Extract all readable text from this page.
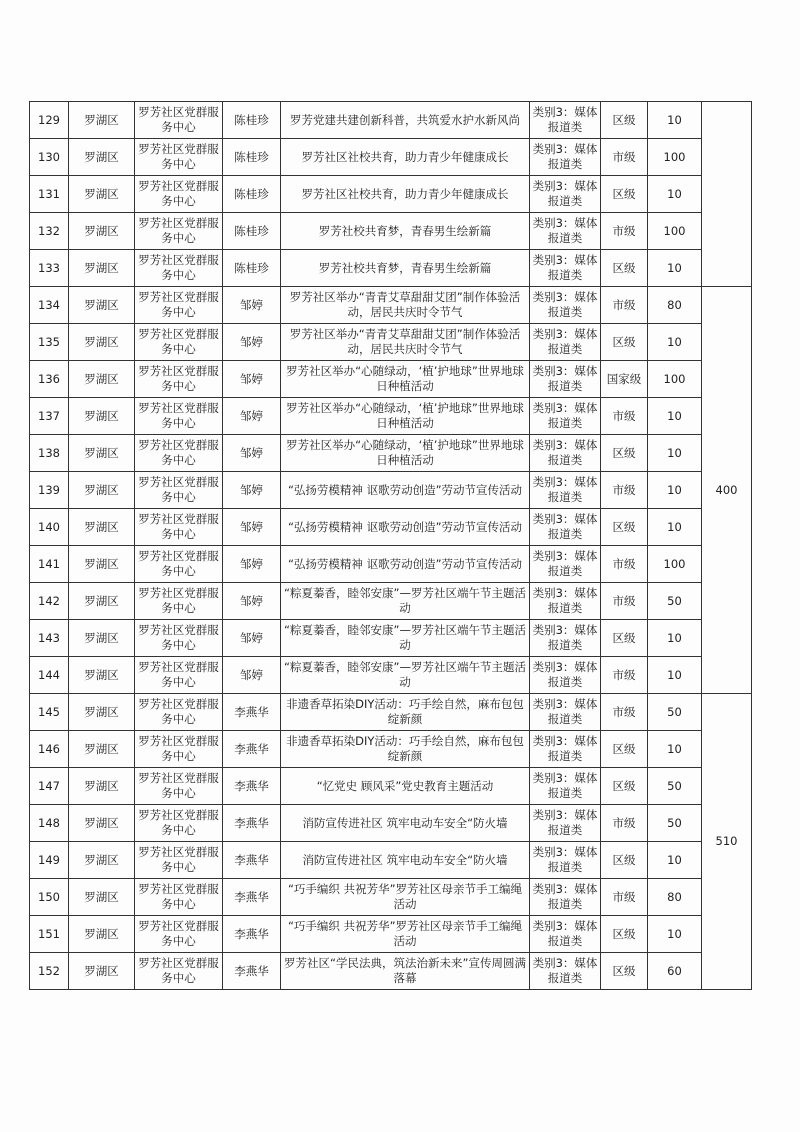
129	罗湖区	罗芳社区党群服务中心	陈桂珍	罗芳党建共建创新科普，共筑爱水护水新风尚	类别3：媒体报道类	区级	10	
130	罗湖区	罗芳社区党群服务中心	陈桂珍	罗芳社区社校共育，助力青少年健康成长	类别3：媒体报道类	市级	100	
131	罗湖区	罗芳社区党群服务中心	陈桂珍	罗芳社区社校共育，助力青少年健康成长	类别3：媒体报道类	区级	10	
132	罗湖区	罗芳社区党群服务中心	陈桂珍	罗芳社校共育梦，青春男生绘新篇	类别3：媒体报道类	市级	100	
133	罗湖区	罗芳社区党群服务中心	陈桂珍	罗芳社校共育梦，青春男生绘新篇	类别3：媒体报道类	区级	10	
134	罗湖区	罗芳社区党群服务中心	邹婷	罗芳社区举办“青青艾草甜甜艾团”制作体验活动，居民共庆时令节气	类别3：媒体报道类	市级	80	400
135	罗湖区	罗芳社区党群服务中心	邹婷	罗芳社区举办“青青艾草甜甜艾团”制作体验活动，居民共庆时令节气	类别3：媒体报道类	区级	10	
136	罗湖区	罗芳社区党群服务中心	邹婷	罗芳社区举办“心随绿动，‘植’护地球”世界地球日种植活动	类别3：媒体报道类	国家级	100	
137	罗湖区	罗芳社区党群服务中心	邹婷	罗芳社区举办“心随绿动，‘植’护地球”世界地球日种植活动	类别3：媒体报道类	市级	10	
138	罗湖区	罗芳社区党群服务中心	邹婷	罗芳社区举办“心随绿动，‘植’护地球”世界地球日种植活动	类别3：媒体报道类	区级	10	
139	罗湖区	罗芳社区党群服务中心	邹婷	“弘扬劳模精神 讴歌劳动创造”劳动节宣传活动	类别3：媒体报道类	市级	10	
140	罗湖区	罗芳社区党群服务中心	邹婷	“弘扬劳模精神 讴歌劳动创造”劳动节宣传活动	类别3：媒体报道类	区级	10	
141	罗湖区	罗芳社区党群服务中心	邹婷	“弘扬劳模精神 讴歌劳动创造”劳动节宣传活动	类别3：媒体报道类	市级	100	
142	罗湖区	罗芳社区党群服务中心	邹婷	“粽夏蓁香，睦邻安康”—罗芳社区端午节主题活动	类别3：媒体报道类	市级	50	
143	罗湖区	罗芳社区党群服务中心	邹婷	“粽夏蓁香，睦邻安康”—罗芳社区端午节主题活动	类别3：媒体报道类	区级	10	
144	罗湖区	罗芳社区党群服务中心	邹婷	“粽夏蓁香，睦邻安康”—罗芳社区端午节主题活动	类别3：媒体报道类	市级	10	
145	罗湖区	罗芳社区党群服务中心	李燕华	非遗香草拓染DIY活动：巧手绘自然，麻布包包绽新颜	类别3：媒体报道类	市级	50	510
146	罗湖区	罗芳社区党群服务中心	李燕华	非遗香草拓染DIY活动：巧手绘自然，麻布包包绽新颜	类别3：媒体报道类	区级	10	
147	罗湖区	罗芳社区党群服务中心	李燕华	“忆党史 顾风采”党史教育主题活动	类别3：媒体报道类	区级	50	
148	罗湖区	罗芳社区党群服务中心	李燕华	消防宣传进社区 筑牢电动车安全“防火墙	类别3：媒体报道类	市级	50	
149	罗湖区	罗芳社区党群服务中心	李燕华	消防宣传进社区 筑牢电动车安全“防火墙	类别3：媒体报道类	区级	10	
150	罗湖区	罗芳社区党群服务中心	李燕华	“巧手编织 共祝芳华”罗芳社区母亲节手工编绳活动	类别3：媒体报道类	市级	80	
151	罗湖区	罗芳社区党群服务中心	李燕华	“巧手编织 共祝芳华”罗芳社区母亲节手工编绳活动	类别3：媒体报道类	区级	10	
152	罗湖区	罗芳社区党群服务中心	李燕华	罗芳社区“学民法典，筑法治新未来”宣传周圆满落幕	类别3：媒体报道类	区级	60	
